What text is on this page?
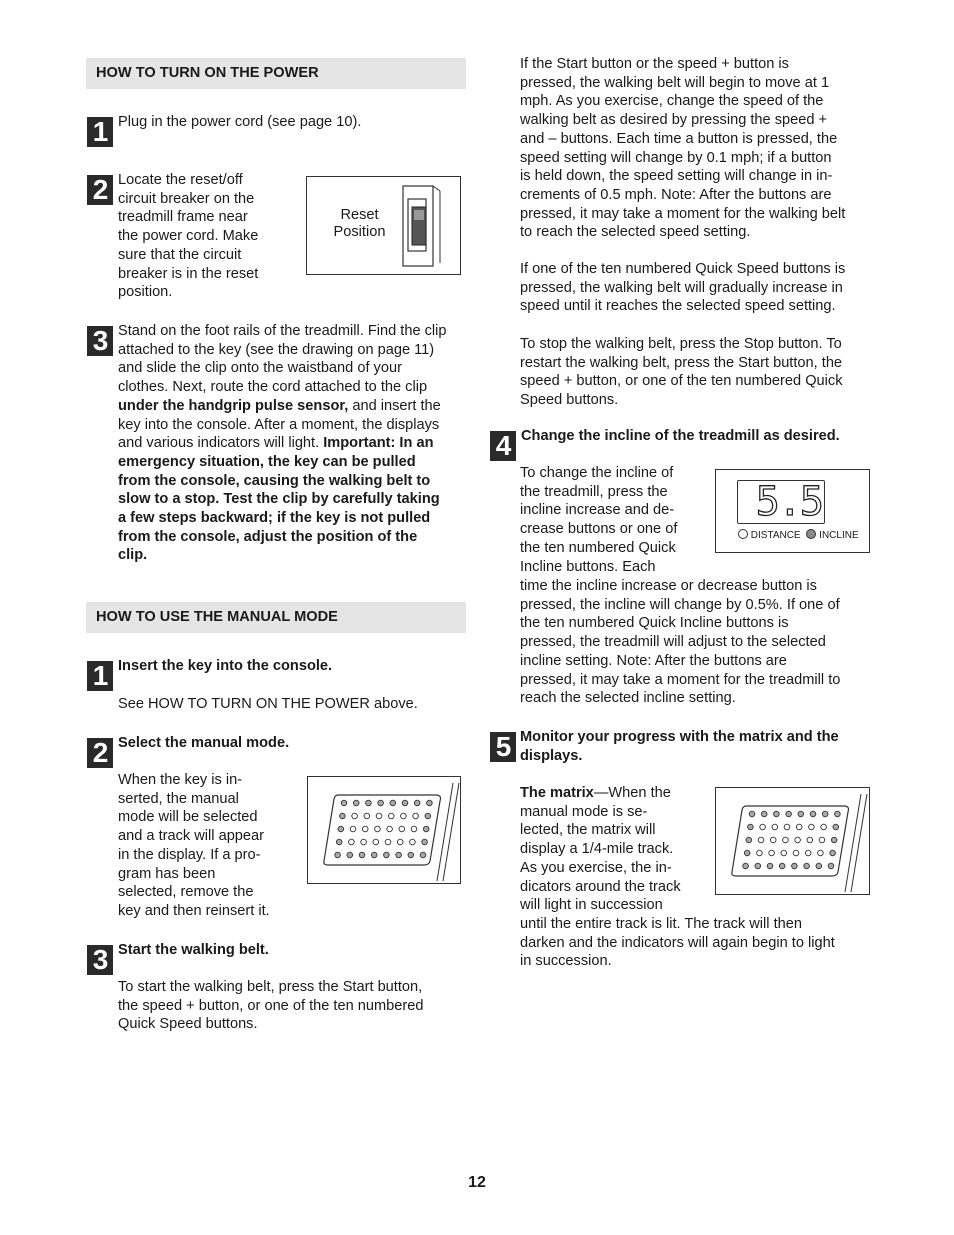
HOW TO TURN ON THE POWER
1 Plug in the power cord (see page 10).

2 Locate the reset/off
circuit breaker on the
treadmill frame near
the power cord. Make
sure that the circuit
breaker is in the reset
position.
Reset
Position
3 Stand on the foot rails of the treadmill. Find the clip
attached to the key (see the drawing on page 11)
and slide the clip onto the waistband of your
clothes. Next, route the cord attached to the clip
under the handgrip pulse sensor, and insert the
key into the console. After a moment, the displays
and various indicators will light. Important: In an
emergency situation, the key can be pulled
from the console, causing the walking belt to
slow to a stop. Test the clip by carefully taking
a few steps backward; if the key is not pulled
from the console, adjust the position of the
clip.
HOW TO USE THE MANUAL MODE
1 Insert the key into the console.

See HOW TO TURN ON THE POWER above.

2 Select the manual mode.

When the key is in-
serted, the manual
mode will be selected
and a track will appear
in the display. If a pro-
gram has been
selected, remove the
key and then reinsert it.
3 Start the walking belt.

To start the walking belt, press the Start button,
the speed + button, or one of the ten numbered
Quick Speed buttons.
If the Start button or the speed + button is
pressed, the walking belt will begin to move at 1
mph. As you exercise, change the speed of the
walking belt as desired by pressing the speed +
and – buttons. Each time a button is pressed, the
speed setting will change by 0.1 mph; if a button
is held down, the speed setting will change in in-
crements of 0.5 mph. Note: After the buttons are
pressed, it may take a moment for the walking belt
to reach the selected speed setting.
If one of the ten numbered Quick Speed buttons is
pressed, the walking belt will gradually increase in
speed until it reaches the selected speed setting.
To stop the walking belt, press the Stop button. To
restart the walking belt, press the Start button, the
speed + button, or one of the ten numbered Quick
Speed buttons.
4 Change the incline of the treadmill as desired.

To change the incline of
the treadmill, press the
incline increase and de-
crease buttons or one of
the ten numbered Quick
Incline buttons. Each
time the incline increase or decrease button is
pressed, the incline will change by 0.5%. If one of
the ten numbered Quick Incline buttons is
pressed, the treadmill will adjust to the selected
incline setting. Note: After the buttons are
pressed, it may take a moment for the treadmill to
reach the selected incline setting.
5.5
DISTANCE INCLINE
5 Monitor your progress with the matrix and the
displays.
The matrix—When the
manual mode is se-
lected, the matrix will
display a 1/4-mile track.
As you exercise, the in-
dicators around the track
will light in succession
until the entire track is lit. The track will then
darken and the indicators will again begin to light
in succession.
12
